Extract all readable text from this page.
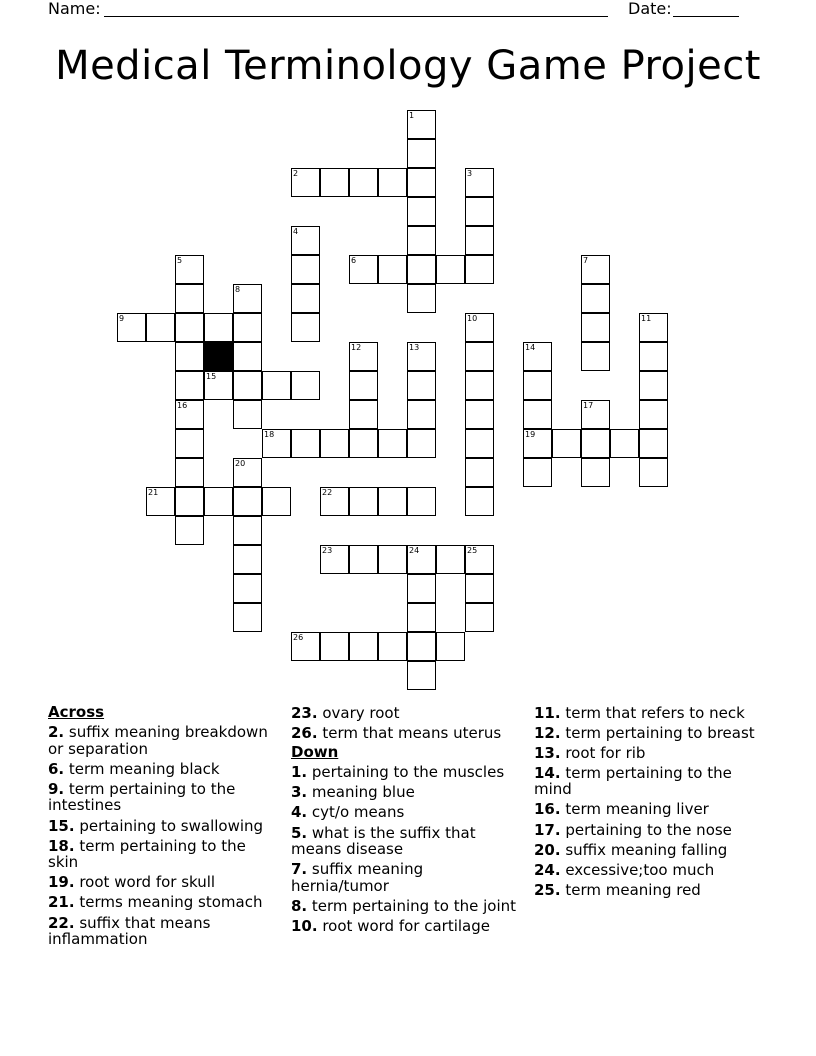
Name:	Date:
Medical Terminology Game Project
1
2	3
4
5	6	7
8
9	10	11
12	13	14
19
15
16	17
18
20
21	22
23	24	25
26
Across
2. suffix meaning breakdown or separation
6. term meaning black
9. term pertaining to the intestines
15. pertaining to swallowing
18. term pertaining to the skin
19. root word for skull
21. terms meaning stomach
22. suffix that means inflammation
23. ovary root
26. term that means uterus
Down
1. pertaining to the muscles
3. meaning blue
4. cyt/o means
5. what is the suffix that means disease
7. suffix meaning hernia/tumor
8. term pertaining to the joint
10. root word for cartilage
11. term that refers to neck
12. term pertaining to breast
13. root for rib
14. term pertaining to the mind
16. term meaning liver
17. pertaining to the nose
20. suffix meaning falling
24. excessive;too much
25. term meaning red
